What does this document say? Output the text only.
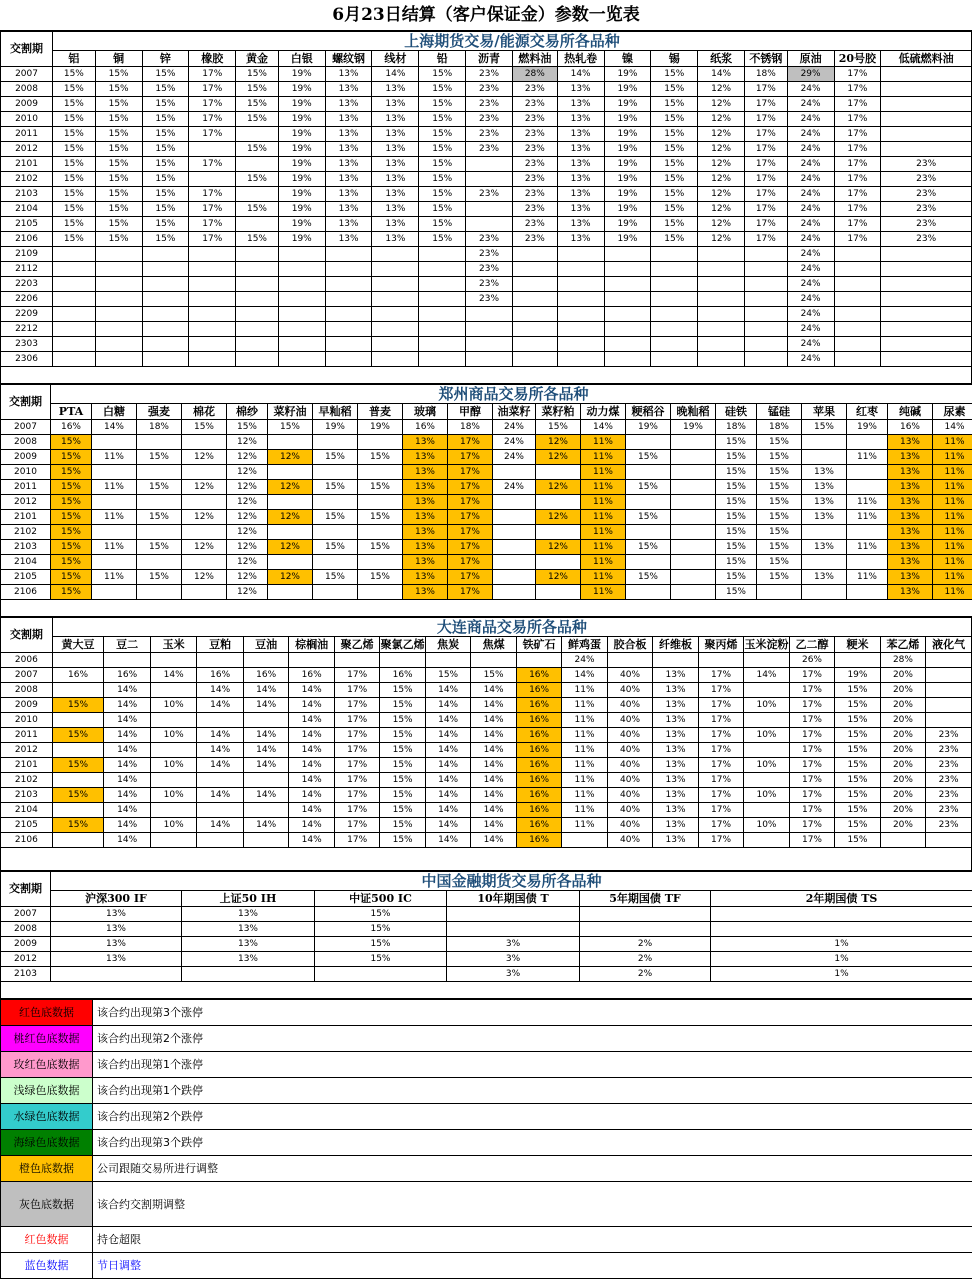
6月23日结算（客户保证金）参数一览表
交割期	上海期货交易/能源交易所各品种																		
	铝	铜	锌	橡胶	黄金	白银	螺纹钢	线材	铅	沥青	燃料油	热轧卷	镍	锡	纸浆	不锈钢	原油	20号胶	低硫燃料油
2007	15%	15%	15%	17%	15%	19%	13%	14%	15%	23%	28%	14%	19%	15%	14%	18%	29%	17%	
2008	15%	15%	15%	17%	15%	19%	13%	13%	15%	23%	23%	13%	19%	15%	12%	17%	24%	17%	
2009	15%	15%	15%	17%	15%	19%	13%	13%	15%	23%	23%	13%	19%	15%	12%	17%	24%	17%	
2010	15%	15%	15%	17%	15%	19%	13%	13%	15%	23%	23%	13%	19%	15%	12%	17%	24%	17%	
2011	15%	15%	15%	17%		19%	13%	13%	15%	23%	23%	13%	19%	15%	12%	17%	24%	17%	
2012	15%	15%	15%		15%	19%	13%	13%	15%	23%	23%	13%	19%	15%	12%	17%	24%	17%	
2101	15%	15%	15%	17%		19%	13%	13%	15%		23%	13%	19%	15%	12%	17%	24%	17%	23%
2102	15%	15%	15%		15%	19%	13%	13%	15%		23%	13%	19%	15%	12%	17%	24%	17%	23%
2103	15%	15%	15%	17%		19%	13%	13%	15%	23%	23%	13%	19%	15%	12%	17%	24%	17%	23%
2104	15%	15%	15%	17%	15%	19%	13%	13%	15%		23%	13%	19%	15%	12%	17%	24%	17%	23%
2105	15%	15%	15%	17%		19%	13%	13%	15%		23%	13%	19%	15%	12%	17%	24%	17%	23%
2106	15%	15%	15%	17%	15%	19%	13%	13%	15%	23%	23%	13%	19%	15%	12%	17%	24%	17%	23%
2109										23%							24%		
2112										23%							24%		
2203										23%							24%		
2206										23%							24%		
2209																	24%		
2212																	24%		
2303																	24%		
2306																	24%		

交割期	郑州商品交易所各品种																				
	PTA	白糖	强麦	棉花	棉纱	菜籽油	早籼稻	普麦	玻璃	甲醇	油菜籽	菜籽粕	动力煤	粳稻谷	晚籼稻	硅铁	锰硅	苹果	红枣	纯碱	尿素
2007	16%	14%	18%	15%	15%	15%	19%	19%	16%	18%	24%	15%	14%	19%	19%	18%	18%	15%	19%	16%	14%
2008	15%				12%				13%	17%	24%	12%	11%			15%	15%			13%	11%
2009	15%	11%	15%	12%	12%	12%	15%	15%	13%	17%	24%	12%	11%	15%		15%	15%		11%	13%	11%
2010	15%				12%				13%	17%			11%			15%	15%	13%		13%	11%
2011	15%	11%	15%	12%	12%	12%	15%	15%	13%	17%	24%	12%	11%	15%		15%	15%	13%		13%	11%
2012	15%				12%				13%	17%			11%			15%	15%	13%	11%	13%	11%
2101	15%	11%	15%	12%	12%	12%	15%	15%	13%	17%		12%	11%	15%		15%	15%	13%	11%	13%	11%
2102	15%				12%				13%	17%			11%			15%	15%			13%	11%
2103	15%	11%	15%	12%	12%	12%	15%	15%	13%	17%		12%	11%	15%		15%	15%	13%	11%	13%	11%
2104	15%				12%				13%	17%			11%			15%	15%			13%	11%
2105	15%	11%	15%	12%	12%	12%	15%	15%	13%	17%		12%	11%	15%		15%	15%	13%	11%	13%	11%
2106	15%				12%				13%	17%			11%			15%				13%	11%

交割期	大连商品交易所各品种																			
	黄大豆	豆二	玉米	豆粕	豆油	棕榈油	聚乙烯	聚氯乙烯	焦炭	焦煤	铁矿石	鲜鸡蛋	胶合板	纤维板	聚丙烯	玉米淀粉	乙二醇	粳米	苯乙烯	液化气
2006												24%					26%		28%	
2007	16%	16%	14%	16%	16%	16%	17%	16%	15%	15%	16%	14%	40%	13%	17%	14%	17%	19%	20%	
2008		14%		14%	14%	14%	17%	15%	14%	14%	16%	11%	40%	13%	17%		17%	15%	20%	
2009	15%	14%	10%	14%	14%	14%	17%	15%	14%	14%	16%	11%	40%	13%	17%	10%	17%	15%	20%	
2010		14%				14%	17%	15%	14%	14%	16%	11%	40%	13%	17%		17%	15%	20%	
2011	15%	14%	10%	14%	14%	14%	17%	15%	14%	14%	16%	11%	40%	13%	17%	10%	17%	15%	20%	23%
2012		14%		14%	14%	14%	17%	15%	14%	14%	16%	11%	40%	13%	17%		17%	15%	20%	23%
2101	15%	14%	10%	14%	14%	14%	17%	15%	14%	14%	16%	11%	40%	13%	17%	10%	17%	15%	20%	23%
2102		14%				14%	17%	15%	14%	14%	16%	11%	40%	13%	17%		17%	15%	20%	23%
2103	15%	14%	10%	14%	14%	14%	17%	15%	14%	14%	16%	11%	40%	13%	17%	10%	17%	15%	20%	23%
2104		14%				14%	17%	15%	14%	14%	16%	11%	40%	13%	17%		17%	15%	20%	23%
2105	15%	14%	10%	14%	14%	14%	17%	15%	14%	14%	16%	11%	40%	13%	17%	10%	17%	15%	20%	23%
2106		14%				14%	17%	15%	14%	14%	16%		40%	13%	17%		17%	15%		

交割期	中国金融期货交易所各品种					
	沪深300 IF	上证50 IH	中证500 IC	10年期国债 T	5年期国债 TF	2年期国债 TS
2007	13%	13%	15%			
2008	13%	13%	15%			
2009	13%	13%	15%	3%	2%	1%
2012	13%	13%	15%	3%	2%	1%
2103				3%	2%	1%

红色底数据	该合约出现第3个涨停
桃红色底数据	该合约出现第2个涨停
玫红色底数据	该合约出现第1个涨停
浅绿色底数据	该合约出现第1个跌停
水绿色底数据	该合约出现第2个跌停
海绿色底数据	该合约出现第3个跌停
橙色底数据	公司跟随交易所进行调整
灰色底数据	该合约交割期调整
红色数据	持仓超限
蓝色数据	节日调整
